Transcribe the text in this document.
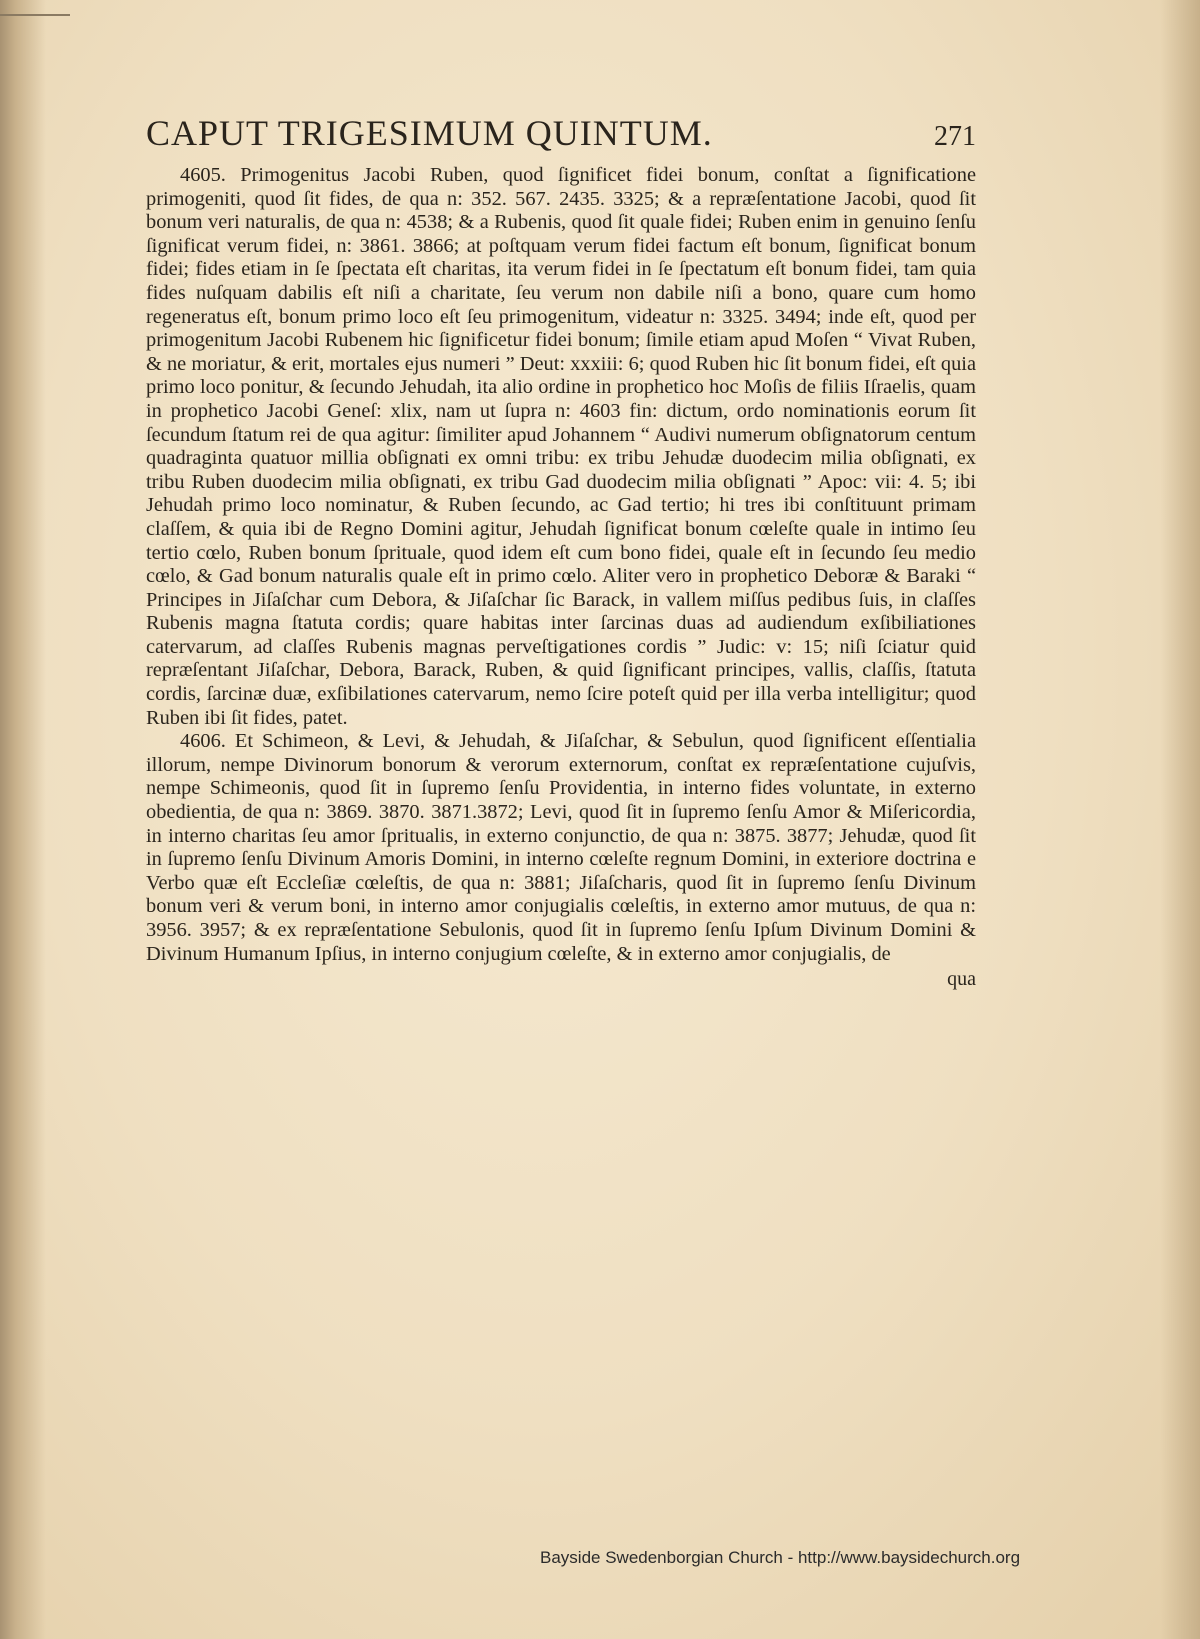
CAPUT TRIGESIMUM QUINTUM.	271

4605. Primogenitus Jacobi Ruben, quod ſignificet fidei bonum, conſtat a ſignificatione primogeniti, quod ſit fides, de qua n: 352. 567. 2435. 3325; & a repræſentatione Jacobi, quod ſit bonum veri naturalis, de qua n: 4538; & a Rubenis, quod ſit quale fidei; Ruben enim in genuino ſenſu ſignificat verum fidei, n: 3861. 3866; at poſtquam verum fidei factum eſt bonum, ſignificat bonum fidei; fides etiam in ſe ſpectata eſt charitas, ita verum fidei in ſe ſpectatum eſt bonum fidei, tam quia fides nuſquam dabilis eſt niſi a charitate, ſeu verum non dabile niſi a bono, quare cum homo regeneratus eſt, bonum primo loco eſt ſeu primogenitum, videatur n: 3325. 3494; inde eſt, quod per primogenitum Jacobi Rubenem hic ſignificetur fidei bonum; ſimile etiam apud Moſen “ Vivat Ruben, & ne moriatur, & erit, mortales ejus numeri ” Deut: xxxiii: 6; quod Ruben hic ſit bonum fidei, eſt quia primo loco ponitur, & ſecundo Jehudah, ita alio ordine in prophetico hoc Moſis de filiis Iſraelis, quam in prophetico Jacobi Geneſ: xlix, nam ut ſupra n: 4603 fin: dictum, ordo nominationis eorum ſit ſecundum ſtatum rei de qua agitur: ſimiliter apud Johannem “ Audivi numerum obſignatorum centum quadraginta quatuor millia obſignati ex omni tribu: ex tribu Jehudæ duodecim milia obſignati, ex tribu Ruben duodecim milia obſignati, ex tribu Gad duodecim milia obſignati ” Apoc: vii: 4. 5; ibi Jehudah primo loco nominatur, & Ruben ſecundo, ac Gad tertio; hi tres ibi conſtituunt primam claſſem, & quia ibi de Regno Domini agitur, Jehudah ſignificat bonum cœleſte quale in intimo ſeu tertio cœlo, Ruben bonum ſprituale, quod idem eſt cum bono fidei, quale eſt in ſecundo ſeu medio cœlo, & Gad bonum naturalis quale eſt in primo cœlo. Aliter vero in prophetico Deboræ & Baraki “ Principes in Jiſaſchar cum Debora, & Jiſaſchar ſic Barack, in vallem miſſus pedibus ſuis, in claſſes Rubenis magna ſtatuta cordis; quare habitas inter ſarcinas duas ad audiendum exſibiliationes catervarum, ad claſſes Rubenis magnas perveſtigationes cordis ” Judic: v: 15; niſi ſciatur quid repræſentant Jiſaſchar, Debora, Barack, Ruben, & quid ſignificant principes, vallis, claſſis, ſtatuta cordis, ſarcinæ duæ, exſibilationes catervarum, nemo ſcire poteſt quid per illa verba intelligitur; quod Ruben ibi ſit fides, patet.

4606. Et Schimeon, & Levi, & Jehudah, & Jiſaſchar, & Sebulun, quod ſignificent eſſentialia illorum, nempe Divinorum bonorum & verorum externorum, conſtat ex repræſentatione cujuſvis, nempe Schimeonis, quod ſit in ſupremo ſenſu Providentia, in interno fides voluntate, in externo obedientia, de qua n: 3869. 3870. 3871.3872; Levi, quod ſit in ſupremo ſenſu Amor & Miſericordia, in interno charitas ſeu amor ſpritualis, in externo conjunctio, de qua n: 3875. 3877; Jehudæ, quod ſit in ſupremo ſenſu Divinum Amoris Domini, in interno cœleſte regnum Domini, in exteriore doctrina e Verbo quæ eſt Eccleſiæ cœleſtis, de qua n: 3881; Jiſaſcharis, quod ſit in ſupremo ſenſu Divinum bonum veri & verum boni, in interno amor conjugialis cœleſtis, in externo amor mutuus, de qua n: 3956. 3957; & ex repræſentatione Sebulonis, quod ſit in ſupremo ſenſu Ipſum Divinum Domini & Divinum Humanum Ipſius, in interno conjugium cœleſte, & in externo amor conjugialis, de

qua
Bayside Swedenborgian Church - http://www.baysidechurch.org
